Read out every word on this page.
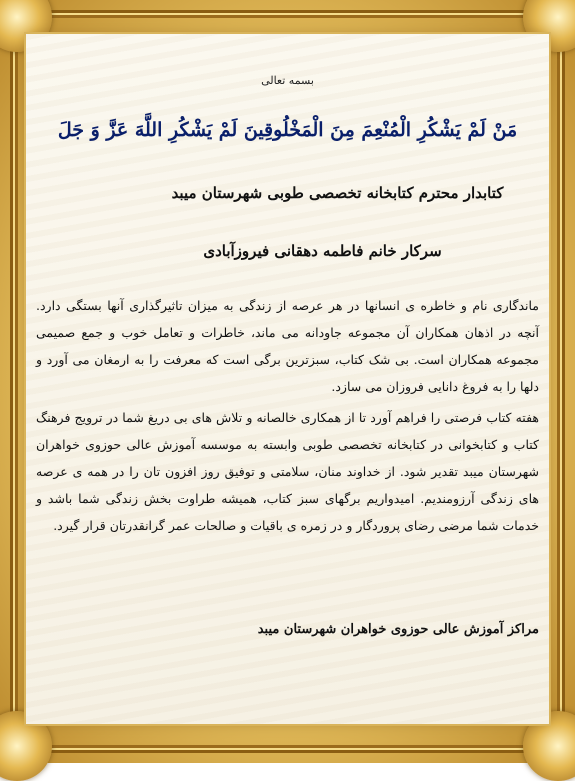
بسمه تعالی
مَنْ لَمْ يَشْكُرِ الْمُنْعِمَ مِنَ الْمَخْلُوقِينَ لَمْ يَشْكُرِ اللَّهَ عَزَّ وَ جَلَ
کتابدار محترم کتابخانه تخصصی طوبی شهرستان میبد
سرکار خانم فاطمه دهقانی فیروزآبادی

ماندگاری نام و خاطره ی انسانها در هر عرصه از زندگی به میزان تاثیرگذاری آنها بستگی دارد. آنچه در اذهان همکاران آن مجموعه جاودانه می ماند، خاطرات و تعامل خوب و جمع صمیمی مجموعه همکاران است. بی شک کتاب، سبزترین برگی است که معرفت را به ارمغان می آورد و دلها را به فروغ دانایی فروزان می سازد.

هفته کتاب فرصتی را فراهم آورد تا از همکاری خالصانه و تلاش های بی دریغ شما در ترویج فرهنگ کتاب و کتابخوانی در کتابخانه تخصصی طوبی وابسته به موسسه آموزش عالی حوزوی خواهران شهرستان میبد تقدیر شود. از خداوند منان، سلامتی و توفیق روز افزون تان را در همه ی عرصه های زندگی آرزومندیم. امیدواریم برگهای سبز کتاب، همیشه طراوت بخش زندگی شما باشد و خدمات شما مرضی رضای پروردگار و در زمره ی باقیات و صالحات عمر گرانقدرتان قرار گیرد.

مراکز آموزش عالی حوزوی خواهران شهرستان میبد
